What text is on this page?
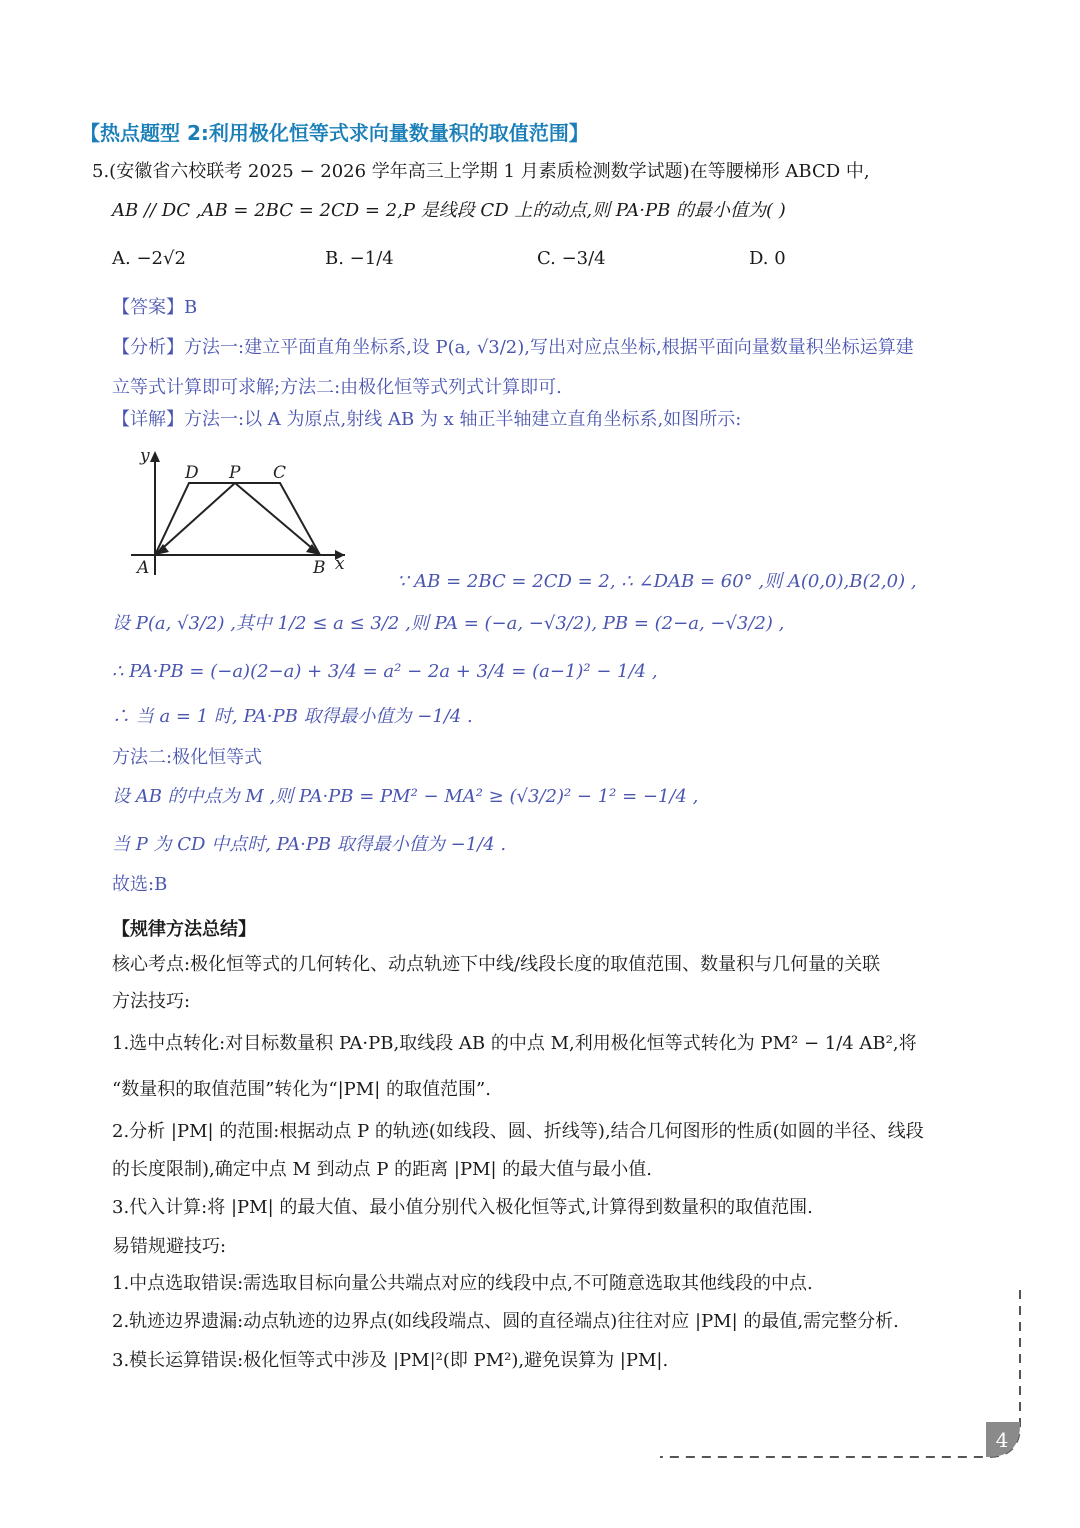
【热点题型 2:利用极化恒等式求向量数量积的取值范围】
5.(安徽省六校联考 2025 − 2026 学年高三上学期 1 月素质检测数学试题)在等腰梯形 ABCD 中,
AB // DC ,AB = 2BC = 2CD = 2,P 是线段 CD 上的动点,则 PA·PB 的最小值为( )
A. −2√2	B. −1/4	C. −3/4	D. 0
【答案】B
【分析】方法一:建立平面直角坐标系,设 P(a, √3/2),写出对应点坐标,根据平面向量数量积坐标运算建
立等式计算即可求解;方法二:由极化恒等式列式计算即可.
【详解】方法一:以 A 为原点,射线 AB 为 x 轴正半轴建立直角坐标系,如图所示:
y
D P C
A	B x
∵ AB = 2BC = 2CD = 2, ∴ ∠DAB = 60° ,则 A(0,0),B(2,0) ,
设 P(a, √3/2) ,其中 1/2 ≤ a ≤ 3/2 ,则 PA = (−a, −√3/2), PB = (2−a, −√3/2) ,
∴ PA·PB = (−a)(2−a) + 3/4 = a² − 2a + 3/4 = (a−1)² − 1/4 ,
∴ 当 a = 1 时, PA·PB 取得最小值为 −1/4 .
方法二:极化恒等式
设 AB 的中点为 M ,则 PA·PB = PM² − MA² ≥ (√3/2)² − 1² = −1/4 ,
当 P 为 CD 中点时, PA·PB 取得最小值为 −1/4 .
故选:B
【规律方法总结】
核心考点:极化恒等式的几何转化、动点轨迹下中线/线段长度的取值范围、数量积与几何量的关联
方法技巧:
1.选中点转化:对目标数量积 PA·PB,取线段 AB 的中点 M,利用极化恒等式转化为 PM² − 1/4 AB²,将
“数量积的取值范围”转化为“|PM| 的取值范围”.
2.分析 |PM| 的范围:根据动点 P 的轨迹(如线段、圆、折线等),结合几何图形的性质(如圆的半径、线段
的长度限制),确定中点 M 到动点 P 的距离 |PM| 的最大值与最小值.
3.代入计算:将 |PM| 的最大值、最小值分别代入极化恒等式,计算得到数量积的取值范围.
易错规避技巧:
1.中点选取错误:需选取目标向量公共端点对应的线段中点,不可随意选取其他线段的中点.
2.轨迹边界遗漏:动点轨迹的边界点(如线段端点、圆的直径端点)往往对应 |PM| 的最值,需完整分析.
3.模长运算错误:极化恒等式中涉及 |PM|²(即 PM²),避免误算为 |PM|.
4
